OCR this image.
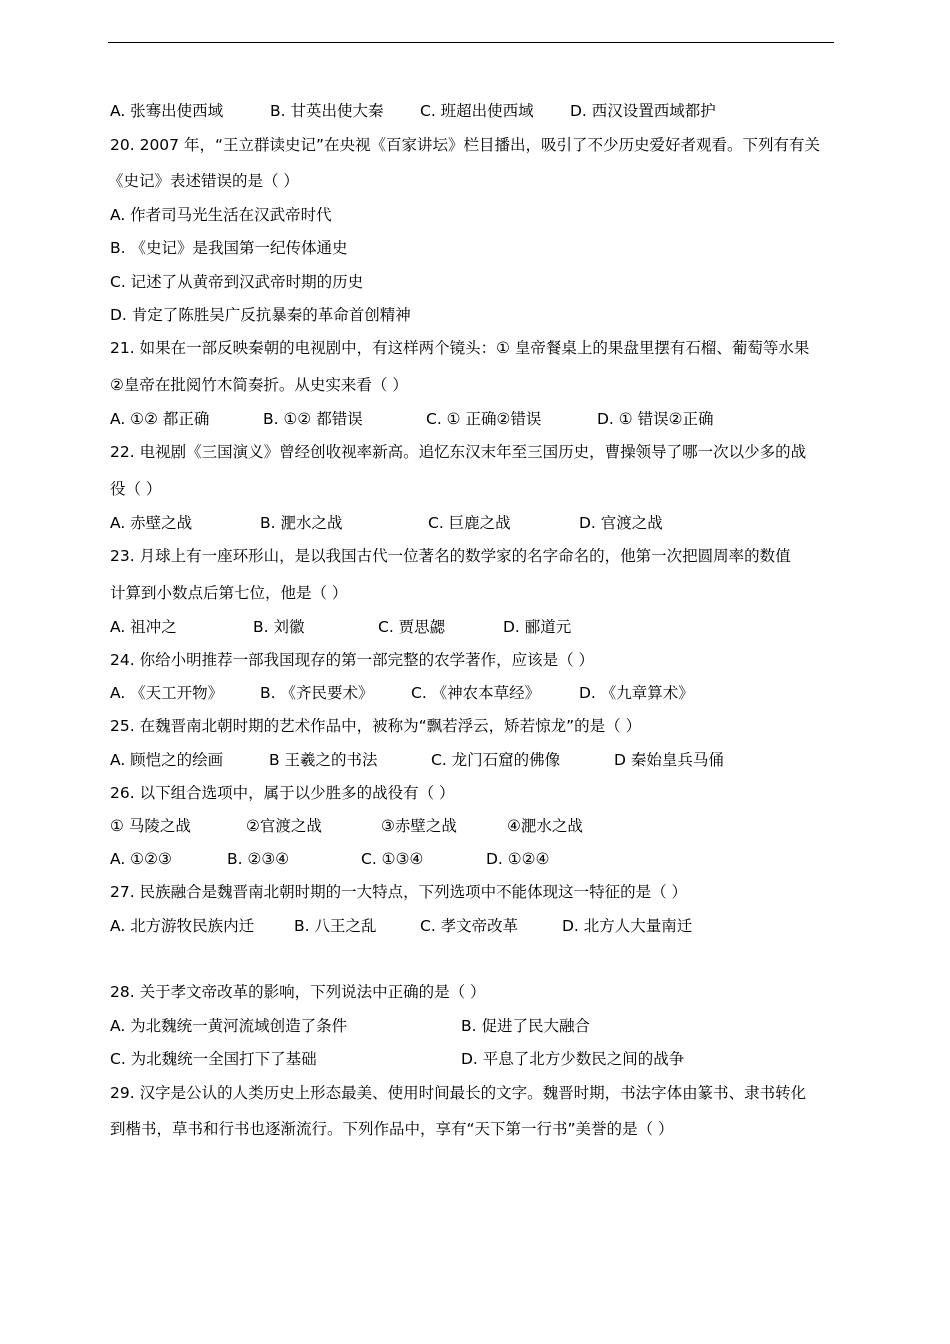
A. 张骞出使西域	B. 甘英出使大秦 C. 班超出使西域 D. 西汉设置西域都护
20. 2007 年，“王立群读史记”在央视《百家讲坛》栏目播出，吸引了不少历史爱好者观看。下列有有关
《史记》表述错误的是（ ）
A. 作者司马光生活在汉武帝时代
B. 《史记》是我国第一纪传体通史
C. 记述了从黄帝到汉武帝时期的历史
D. 肯定了陈胜吴广反抗暴秦的革命首创精神
21. 如果在一部反映秦朝的电视剧中，有这样两个镜头：① 皇帝餐桌上的果盘里摆有石榴、葡萄等水果
②皇帝在批阅竹木简奏折。从史实来看（ ）
A. ①② 都正确	B. ①② 都错误	C. ① 正确②错误	D. ① 错误②正确
22. 电视剧《三国演义》曾经创收视率新高。追忆东汉末年至三国历史，曹操领导了哪一次以少多的战
役（ ）
A. 赤壁之战	B. 淝水之战	C. 巨鹿之战	D. 官渡之战
23. 月球上有一座环形山，是以我国古代一位著名的数学家的名字命名的，他第一次把圆周率的数值
计算到小数点后第七位，他是（ ）
A. 祖冲之	B. 刘徽	C. 贾思勰	D. 郦道元
24. 你给小明推荐一部我国现存的第一部完整的农学著作，应该是（ ）
A. 《天工开物》 B. 《齐民要术》 C. 《神农本草经》	D. 《九章算术》
25. 在魏晋南北朝时期的艺术作品中，被称为“飘若浮云，矫若惊龙”的是（ ）
A. 顾恺之的绘画	B 王羲之的书法	C. 龙门石窟的佛像	D 秦始皇兵马俑
26. 以下组合选项中，属于以少胜多的战役有（ ）
① 马陵之战	②官渡之战	③赤壁之战	④淝水之战
A. ①②③	B. ②③④	C. ①③④	D. ①②④
27. 民族融合是魏晋南北朝时期的一大特点，下列选项中不能体现这一特征的是（ ）
A. 北方游牧民族内迁	B. 八王之乱	C. 孝文帝改革	D. 北方人大量南迁
28. 关于孝文帝改革的影响，下列说法中正确的是（ ）
A. 为北魏统一黄河流域创造了条件	B. 促进了民大融合
C. 为北魏统一全国打下了基础	D. 平息了北方少数民之间的战争
29. 汉字是公认的人类历史上形态最美、使用时间最长的文字。魏晋时期，书法字体由篆书、隶书转化
到楷书，草书和行书也逐渐流行。下列作品中，享有“天下第一行书”美誉的是（ ）
